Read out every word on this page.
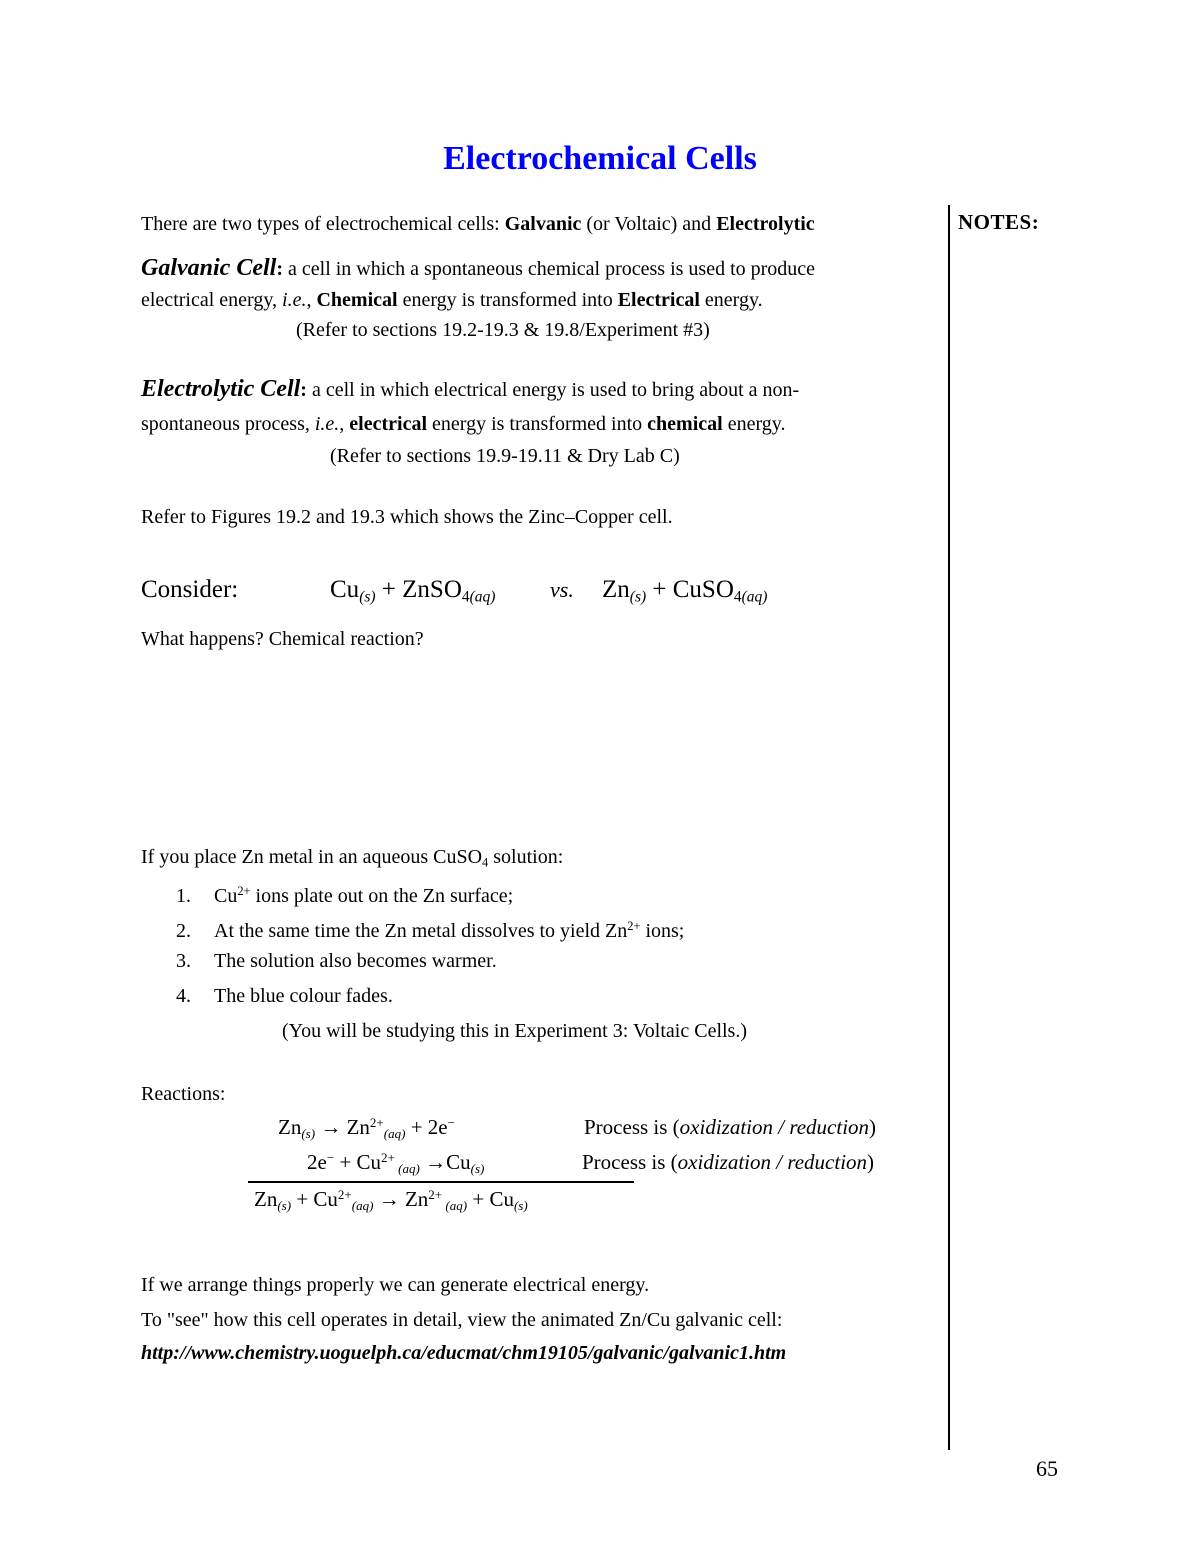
Electrochemical Cells
NOTES:
There are two types of electrochemical cells: Galvanic (or Voltaic) and Electrolytic
Galvanic Cell: a cell in which a spontaneous chemical process is used to produce
electrical energy, i.e., Chemical energy is transformed into Electrical energy.
(Refer to sections 19.2-19.3 & 19.8/Experiment #3)
Electrolytic Cell: a cell in which electrical energy is used to bring about a non-
spontaneous process, i.e., electrical energy is transformed into chemical energy.
(Refer to sections 19.9-19.11 & Dry Lab C)
Refer to Figures 19.2 and 19.3 which shows the Zinc–Copper cell.
Consider:	$Cu_{(s)}$ + ZnSO$_{4(aq)}$ vs. $Zn_{(s)}$ + CuSO$_{4(aq)}$
What happens? Chemical reaction?
If you place Zn metal in an aqueous CuSO$_4$ solution:
1. $Cu^{2+}$ ions plate out on the Zn surface;
2. At the same time the Zn metal dissolves to yield $Zn^{2+}$ ions;
3. The solution also becomes warmer.
4. The blue colour fades.
(You will be studying this in Experiment 3: Voltaic Cells.)
Reactions:
$Zn_{(s)} \to Zn^{2+}_{(aq)} + 2e^-$	Process is (oxidization / reduction)
$2e^- + Cu^{2+}$ $_{(aq)} \to Cu_{(s)}$	Process is (oxidization / reduction)
$Zn_{(s)} + Cu^{2+}_{(aq)} \to Zn^{2+}$ $_{(aq)} + Cu_{(s)}$
If we arrange things properly we can generate electrical energy.
To "see" how this cell operates in detail, view the animated Zn/Cu galvanic cell:
http://www.chemistry.uoguelph.ca/educmat/chm19105/galvanic/galvanic1.htm
65
